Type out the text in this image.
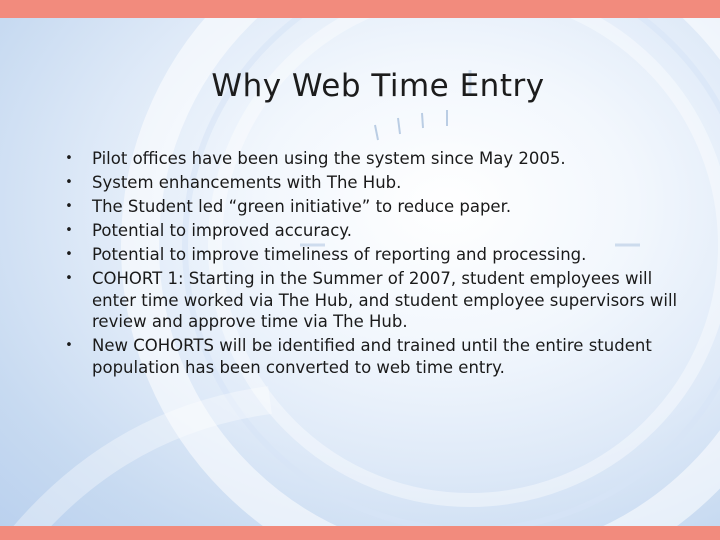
Why Web Time Entry
•	Pilot offices have been using the system since May 2005.
•	System enhancements with The Hub.
•	The Student led “green initiative” to reduce paper.
•	Potential to improved accuracy.
•	Potential to improve timeliness of reporting and processing.
•	COHORT 1: Starting in the Summer of 2007, student employees will enter time worked via The Hub, and student employee supervisors will review and approve time via The Hub.
•	New COHORTS will be identified and trained until the entire student population has been converted to web time entry.
